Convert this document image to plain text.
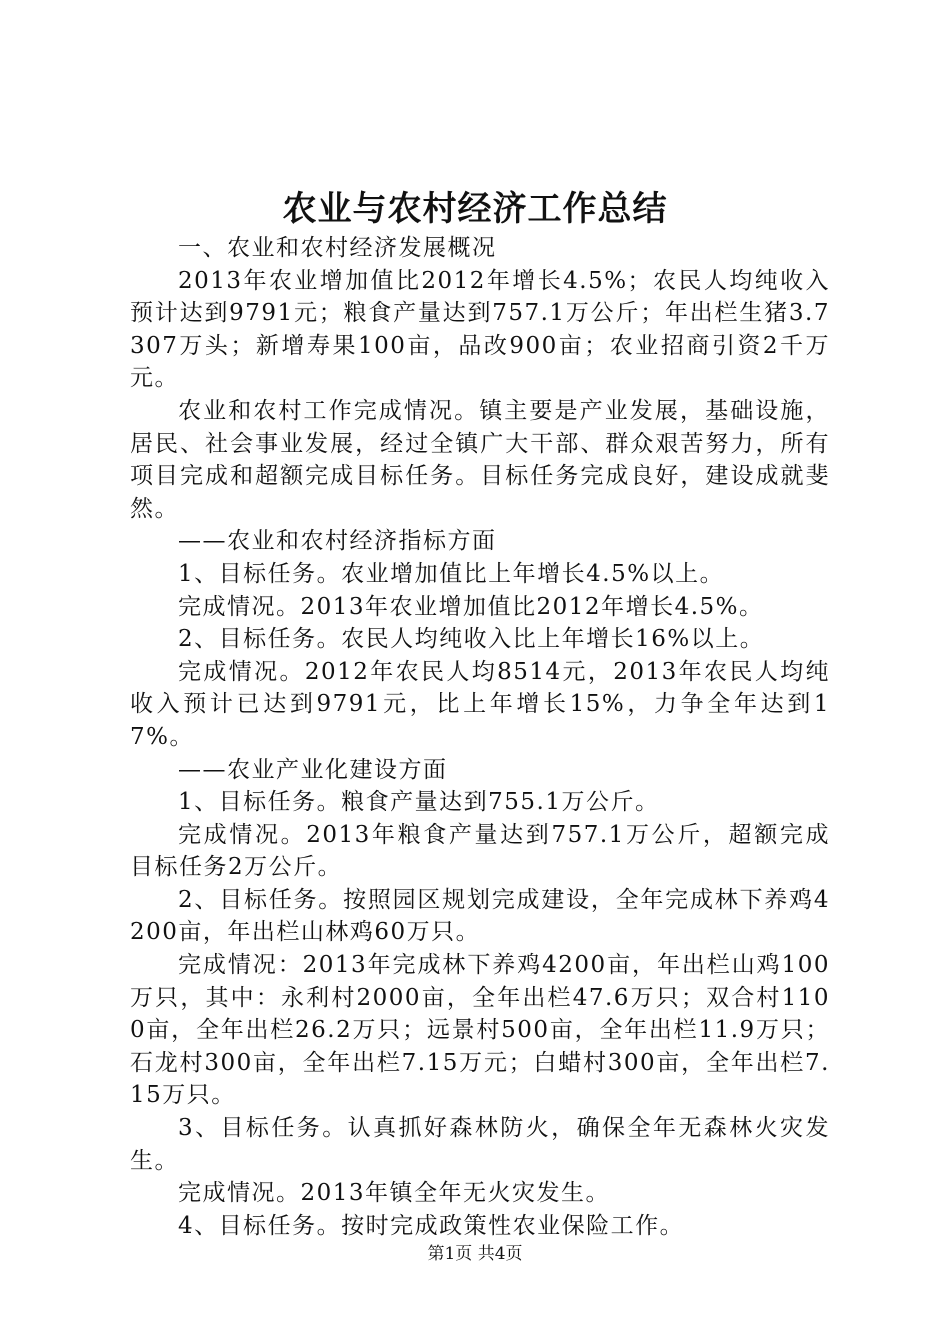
农业与农村经济工作总结

一、农业和农村经济发展概况

2013年农业增加值比2012年增长4.5%；农民人均纯收入预计达到9791元；粮食产量达到757.1万公斤；年出栏生猪3.7307万头；新增寿果100亩，品改900亩；农业招商引资2千万元。

农业和农村工作完成情况。镇主要是产业发展，基础设施，居民、社会事业发展，经过全镇广大干部、群众艰苦努力，所有项目完成和超额完成目标任务。目标任务完成良好，建设成就斐然。

——农业和农村经济指标方面

1、目标任务。农业增加值比上年增长4.5%以上。

完成情况。2013年农业增加值比2012年增长4.5%。

2、目标任务。农民人均纯收入比上年增长16%以上。

完成情况。2012年农民人均8514元，2013年农民人均纯收入预计已达到9791元，比上年增长15%，力争全年达到17%。

——农业产业化建设方面

1、目标任务。粮食产量达到755.1万公斤。

完成情况。2013年粮食产量达到757.1万公斤，超额完成目标任务2万公斤。

2、目标任务。按照园区规划完成建设，全年完成林下养鸡4200亩，年出栏山林鸡60万只。

完成情况：2013年完成林下养鸡4200亩，年出栏山鸡100万只，其中：永利村2000亩，全年出栏47.6万只；双合村1100亩，全年出栏26.2万只；远景村500亩，全年出栏11.9万只；石龙村300亩，全年出栏7.15万元；白蜡村300亩，全年出栏7.15万只。

3、目标任务。认真抓好森林防火，确保全年无森林火灾发生。

完成情况。2013年镇全年无火灾发生。

4、目标任务。按时完成政策性农业保险工作。

第1页 共4页
